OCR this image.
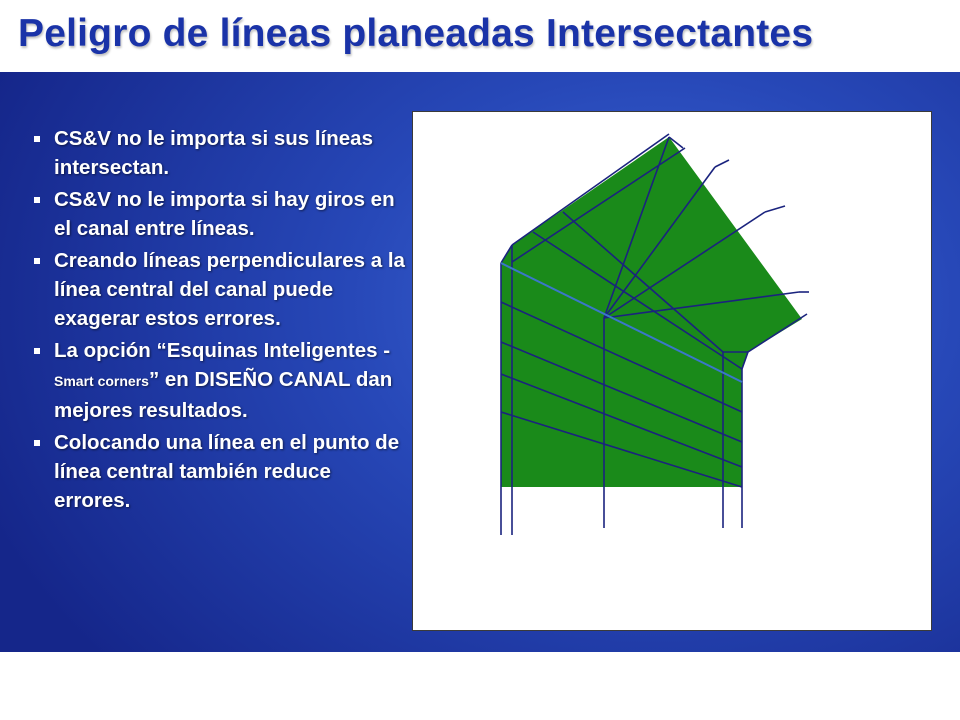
Peligro de líneas planeadas Intersectantes
CS&V no le importa si sus líneas intersectan.
CS&V no le importa si hay giros en el canal entre líneas.
Creando líneas perpendiculares a la línea central del canal puede exagerar estos errores.
La opción “Esquinas Inteligentes - Smart corners” en DISEÑO CANAL dan mejores resultados.
Colocando una línea en el punto de línea central también reduce errores.
